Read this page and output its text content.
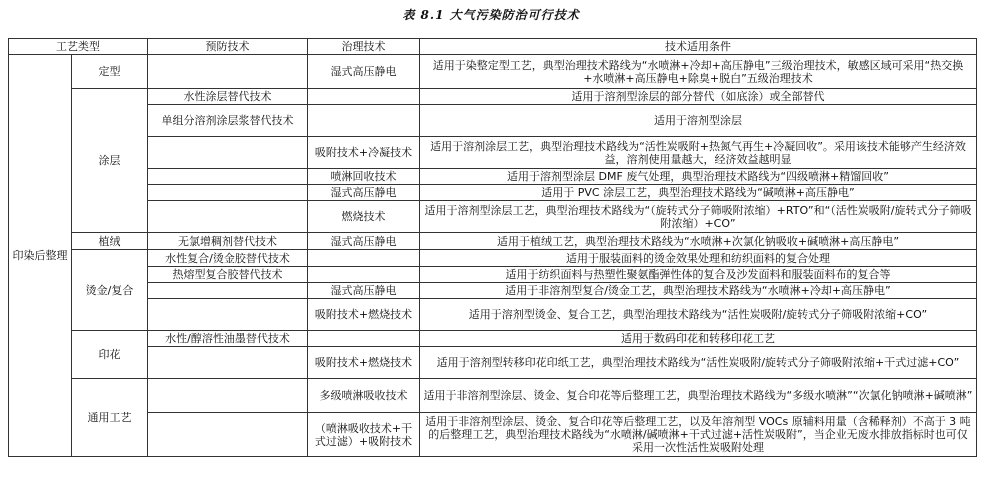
表 8.1 大气污染防治可行技术
工艺类型		预防技术	治理技术	技术适用条件
印染后整理	定型		湿式高压静电	适用于染整定型工艺，典型治理技术路线为“水喷淋+冷却+高压静电”三级治理技术，敏感区域可采用“热交换+水喷淋+高压静电+除臭+脱白”五级治理技术
	涂层	水性涂层替代技术		适用于溶剂型涂层的部分替代（如底涂）或全部替代
		单组分溶剂涂层浆替代技术		适用于溶剂型涂层
			吸附技术+冷凝技术	适用于溶剂涂层工艺，典型治理技术路线为“活性炭吸附+热氮气再生+冷凝回收”。采用该技术能够产生经济效益，溶剂使用量越大，经济效益越明显
			喷淋回收技术	适用于溶剂型涂层 DMF 废气处理，典型治理技术路线为“四级喷淋+精馏回收”
			湿式高压静电	适用于 PVC 涂层工艺，典型治理技术路线为“碱喷淋+高压静电”
			燃烧技术	适用于溶剂型涂层工艺，典型治理技术路线为“（旋转式分子筛吸附浓缩）+RTO”和“（活性炭吸附/旋转式分子筛吸附浓缩）+CO”
	植绒	无氯增稠剂替代技术	湿式高压静电	适用于植绒工艺，典型治理技术路线为“水喷淋+次氯化钠吸收+碱喷淋+高压静电”
	烫金/复合	水性复合/烫金胶替代技术		适用于服装面料的烫金效果处理和纺织面料的复合处理
		热熔型复合胶替代技术		适用于纺织面料与热塑性聚氨酯弹性体的复合及沙发面料和服装面料布的复合等
			湿式高压静电	适用于非溶剂型复合/烫金工艺，典型治理技术路线为“水喷淋+冷却+高压静电”
			吸附技术+燃烧技术	适用于溶剂型烫金、复合工艺，典型治理技术路线为“活性炭吸附/旋转式分子筛吸附浓缩+CO”
	印花	水性/醇溶性油墨替代技术		适用于数码印花和转移印花工艺
			吸附技术+燃烧技术	适用于溶剂型转移印花印纸工艺，典型治理技术路线为“活性炭吸附/旋转式分子筛吸附浓缩+干式过滤+CO”
	通用工艺		多级喷淋吸收技术	适用于非溶剂型涂层、烫金、复合印花等后整理工艺，典型治理技术路线为“多级水喷淋”“次氯化钠喷淋+碱喷淋”
			（喷淋吸收技术+干式过滤）+吸附技术	适用于非溶剂型涂层、烫金、复合印花等后整理工艺，以及年溶剂型 VOCs 原辅料用量（含稀释剂）不高于 3 吨的后整理工艺，典型治理技术路线为“水喷淋/碱喷淋+干式过滤+活性炭吸附”，当企业无废水排放指标时也可仅采用一次性活性炭吸附处理
